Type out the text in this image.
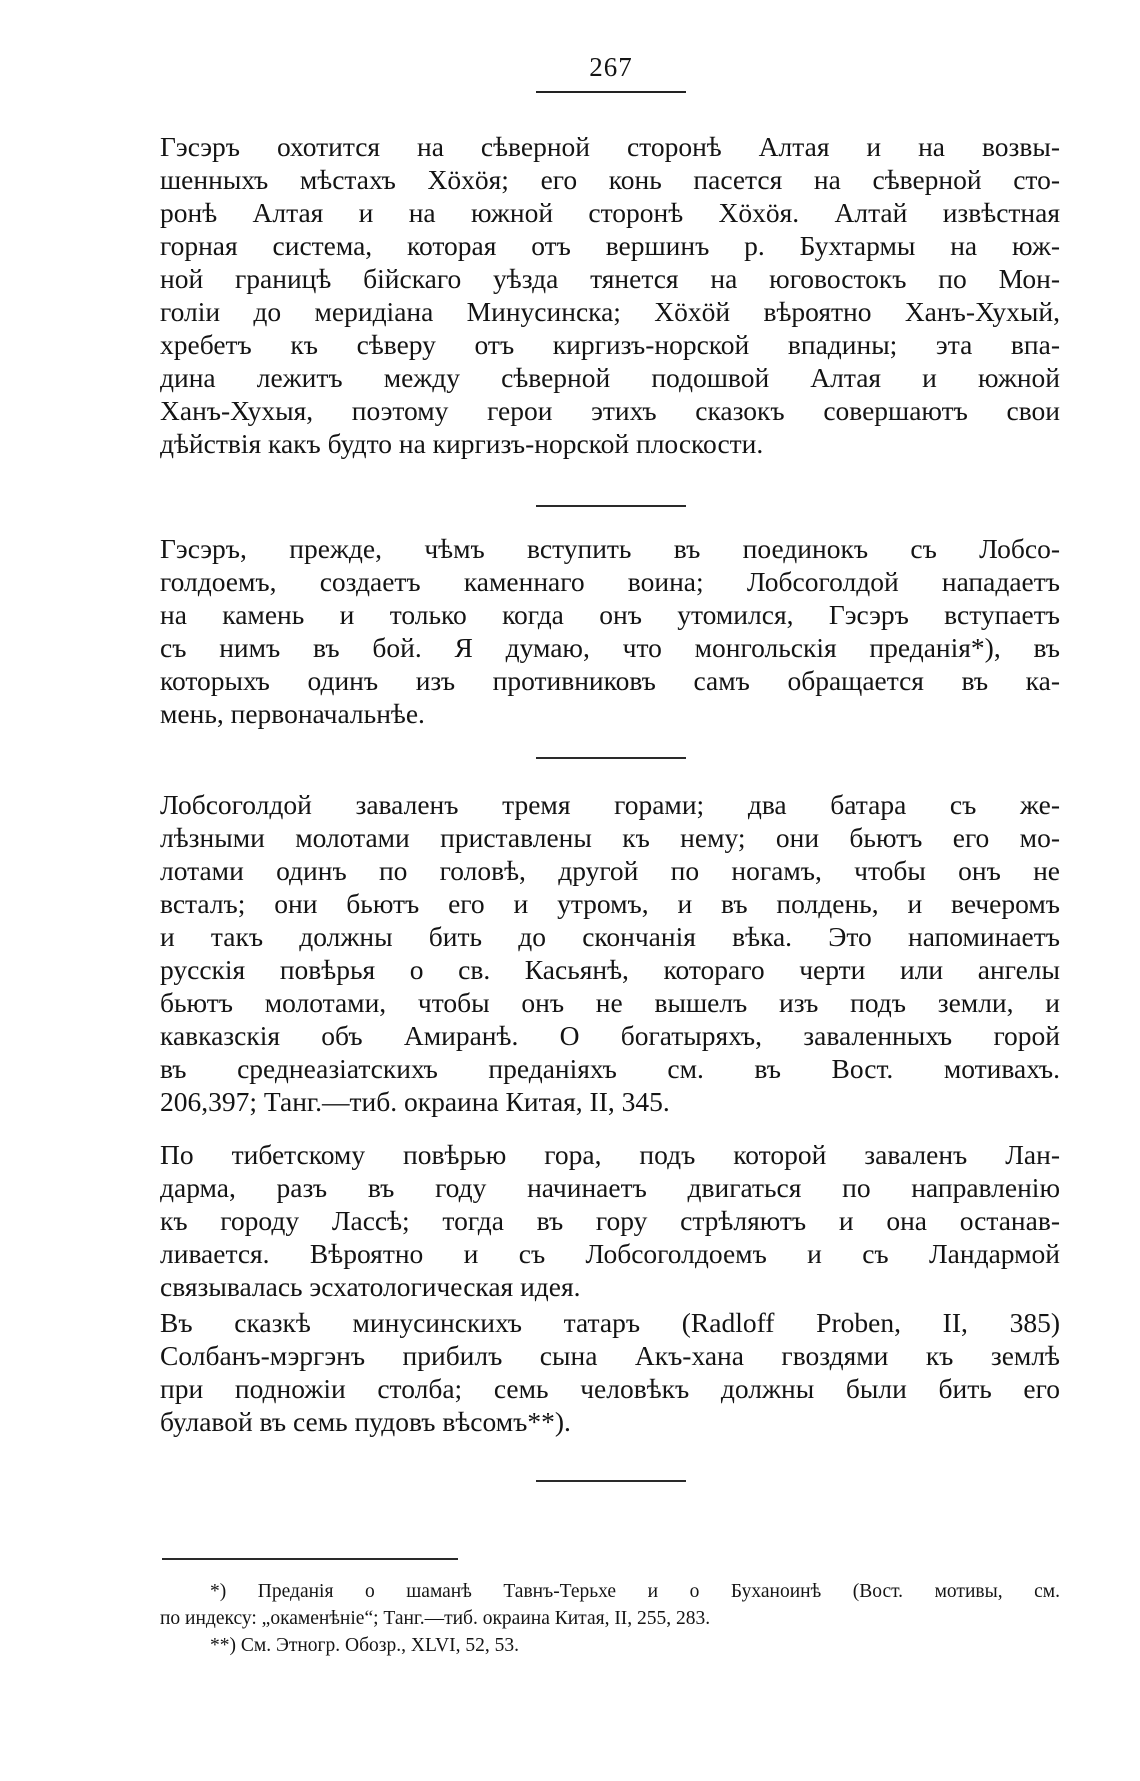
267
Гэсэръ охотится на сѣверной сторонѣ Алтая и на возвы-
шенныхъ мѣстахъ Хöхöя; его конь пасется на сѣверной сто-
ронѣ Алтая и на южной сторонѣ Хöхöя. Алтай извѣстная
горная система, которая отъ вершинъ р. Бухтармы на юж-
ной границѣ бійскаго уѣзда тянется на юговостокъ по Мон-
голіи до меридіана Минусинска; Хöхöй вѣроятно Ханъ-Хухый,
хребетъ къ сѣверу отъ киргизъ-норской впадины; эта впа-
дина лежитъ между сѣверной подошвой Алтая и южной
Ханъ-Хухыя, поэтому герои этихъ сказокъ совершаютъ свои
дѣйствія какъ будто на киргизъ-норской плоскости.
Гэсэръ, прежде, чѣмъ вступить въ поединокъ съ Лобсо-
голдоемъ, создаетъ каменнаго воина; Лобсоголдой нападаетъ
на камень и только когда онъ утомился, Гэсэръ вступаетъ
съ нимъ въ бой. Я думаю, что монгольскія преданія*), въ
которыхъ одинъ изъ противниковъ самъ обращается въ ка-
мень, первоначальнѣе.
Лобсоголдой заваленъ тремя горами; два батара съ же-
лѣзными молотами приставлены къ нему; они бьютъ его мо-
лотами одинъ по головѣ, другой по ногамъ, чтобы онъ не
всталъ; они бьютъ его и утромъ, и въ полдень, и вечеромъ
и такъ должны бить до скончанія вѣка. Это напоминаетъ
русскія повѣрья о св. Касьянѣ, котораго черти или ангелы
бьютъ молотами, чтобы онъ не вышелъ изъ подъ земли, и
кавказскія объ Амиранѣ. О богатыряхъ, заваленныхъ горой
въ среднеазіатскихъ преданіяхъ см. въ Вост. мотивахъ.
206,397; Танг.—тиб. окраина Китая, II, 345.
По тибетскому повѣрью гора, подъ которой заваленъ Лан-
дарма, разъ въ году начинаетъ двигаться по направленію
къ городу Лассѣ; тогда въ гору стрѣляютъ и она останав-
ливается. Вѣроятно и съ Лобсоголдоемъ и съ Ландармой
связывалась эсхатологическая идея.
Въ сказкѣ минусинскихъ татаръ (Radloff Proben, II, 385)
Солбанъ-мэргэнъ прибилъ сына Акъ-хана гвоздями къ землѣ
при подножіи столба; семь человѣкъ должны были бить его
булавой въ семь пудовъ вѣсомъ**).
*) Преданія о шаманѣ Тавнъ-Терьхе и о Буханоинѣ (Вост. мотивы, см.
по индексу: „окаменѣніе“; Танг.—тиб. окраина Китая, II, 255, 283.

**) См. Этногр. Обозр., XLVI, 52, 53.
